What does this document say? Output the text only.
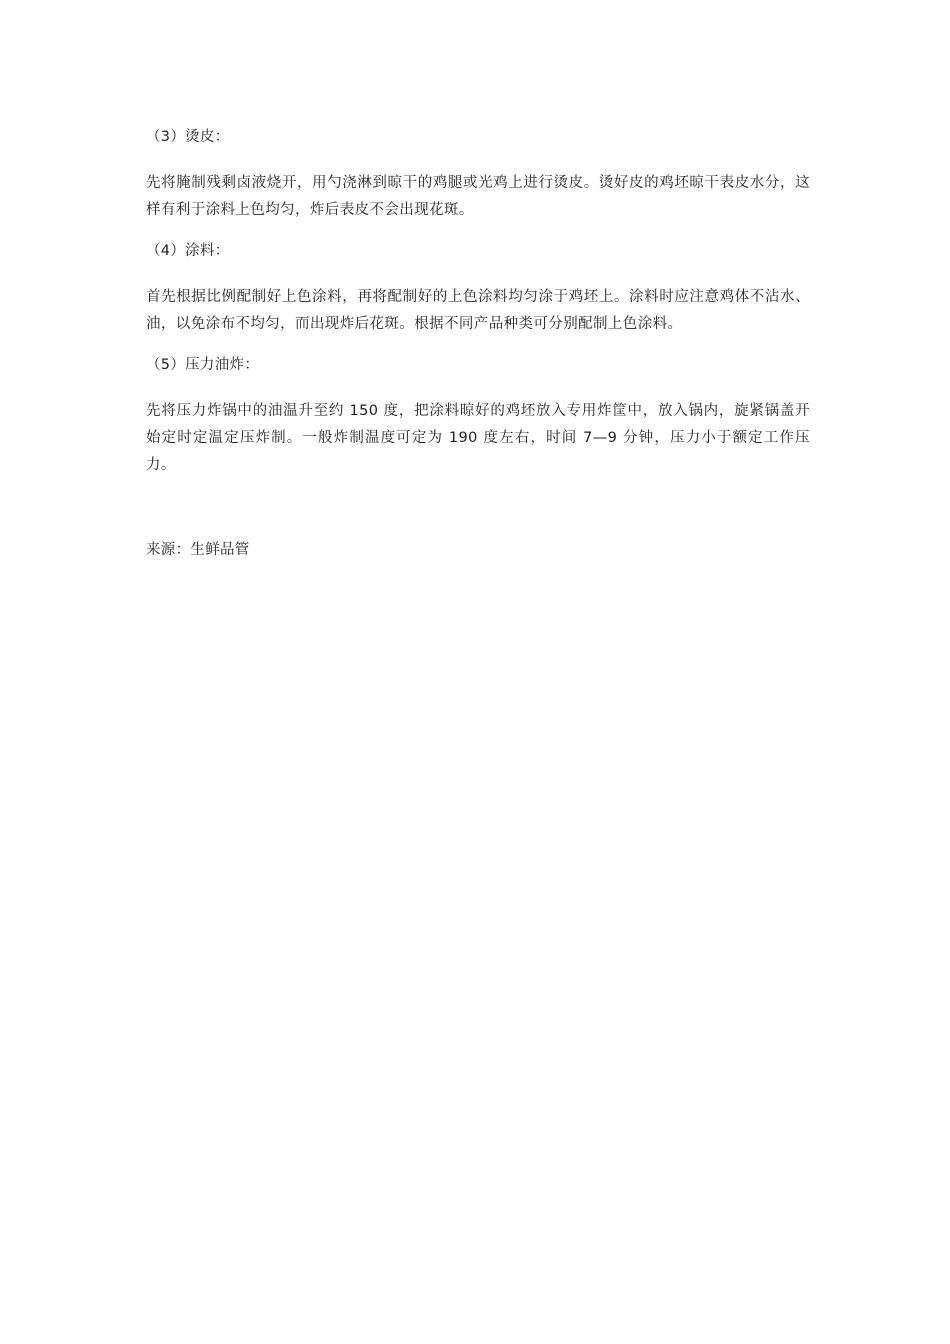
（3）烫皮：
先将腌制残剩卤液烧开，用勺浇淋到晾干的鸡腿或光鸡上进行烫皮。烫好皮的鸡坯晾干表皮水分，这样有利于涂料上色均匀，炸后表皮不会出现花斑。
（4）涂料：
首先根据比例配制好上色涂料，再将配制好的上色涂料均匀涂于鸡坯上。涂料时应注意鸡体不沾水、油，以免涂布不均匀，而出现炸后花斑。根据不同产品种类可分别配制上色涂料。
（5）压力油炸：
先将压力炸锅中的油温升至约 150 度，把涂料晾好的鸡坯放入专用炸筐中，放入锅内，旋紧锅盖开始定时定温定压炸制。一般炸制温度可定为 190 度左右，时间 7—9 分钟，压力小于额定工作压力。
来源：生鲜品管
